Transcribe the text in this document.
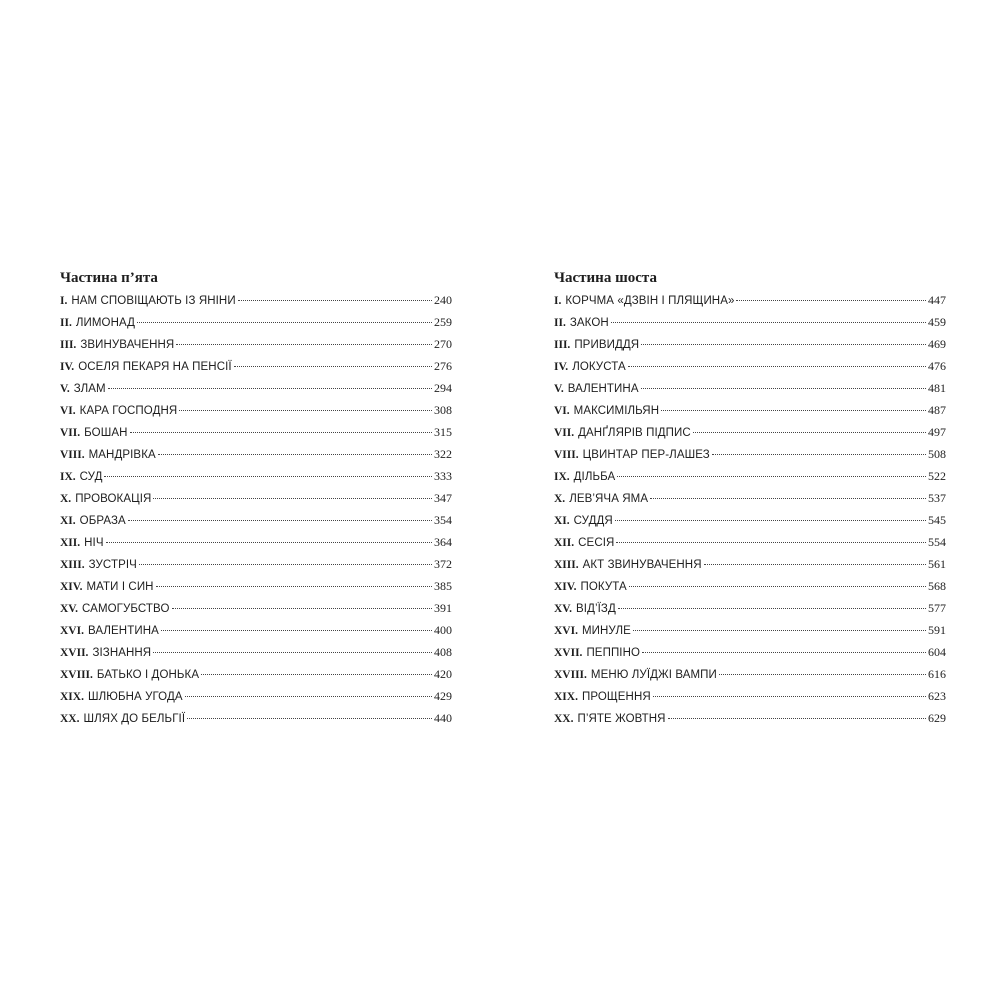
Частина п’ята
I. НАМ СПОВІЩАЮТЬ ІЗ ЯНІНИ	240
II. ЛИМОНАД	259
III. ЗВИНУВАЧЕННЯ	270
IV. ОСЕЛЯ ПЕКАРЯ НА ПЕНСІЇ	276
V. ЗЛАМ	294
VI. КАРА ГОСПОДНЯ	308
VII. БОШАН	315
VIII. МАНДРІВКА	322
IX. СУД	333
X. ПРОВОКАЦІЯ	347
XI. ОБРАЗА	354
XII. НІЧ	364
XIII. ЗУСТРІЧ	372
XIV. МАТИ І СИН	385
XV. САМОГУБСТВО	391
XVI. ВАЛЕНТИНА	400
XVII. ЗІЗНАННЯ	408
XVIII. БАТЬКО І ДОНЬКА	420
XIX. ШЛЮБНА УГОДА	429
XX. ШЛЯХ ДО БЕЛЬГІЇ	440
Частина шоста
I. КОРЧМА «ДЗВІН І ПЛЯЩИНА»	447
II. ЗАКОН	459
III. ПРИВИДДЯ	469
IV. ЛОКУСТА	476
V. ВАЛЕНТИНА	481
VI. МАКСИМІЛЬЯН	487
VII. ДАНҐЛЯРІВ ПІДПИС	497
VIII. ЦВИНТАР ПЕР-ЛАШЕЗ	508
IX. ДІЛЬБА	522
X. ЛЕВ’ЯЧА ЯМА	537
XI. СУДДЯ	545
XII. СЕСІЯ	554
XIII. АКТ ЗВИНУВАЧЕННЯ	561
XIV. ПОКУТА	568
XV. ВІД’ЇЗД	577
XVI. МИНУЛЕ	591
XVII. ПЕППІНО	604
XVIII. МЕНЮ ЛУЇДЖІ ВАМПИ	616
XIX. ПРОЩЕННЯ	623
XX. П’ЯТЕ ЖОВТНЯ	629
